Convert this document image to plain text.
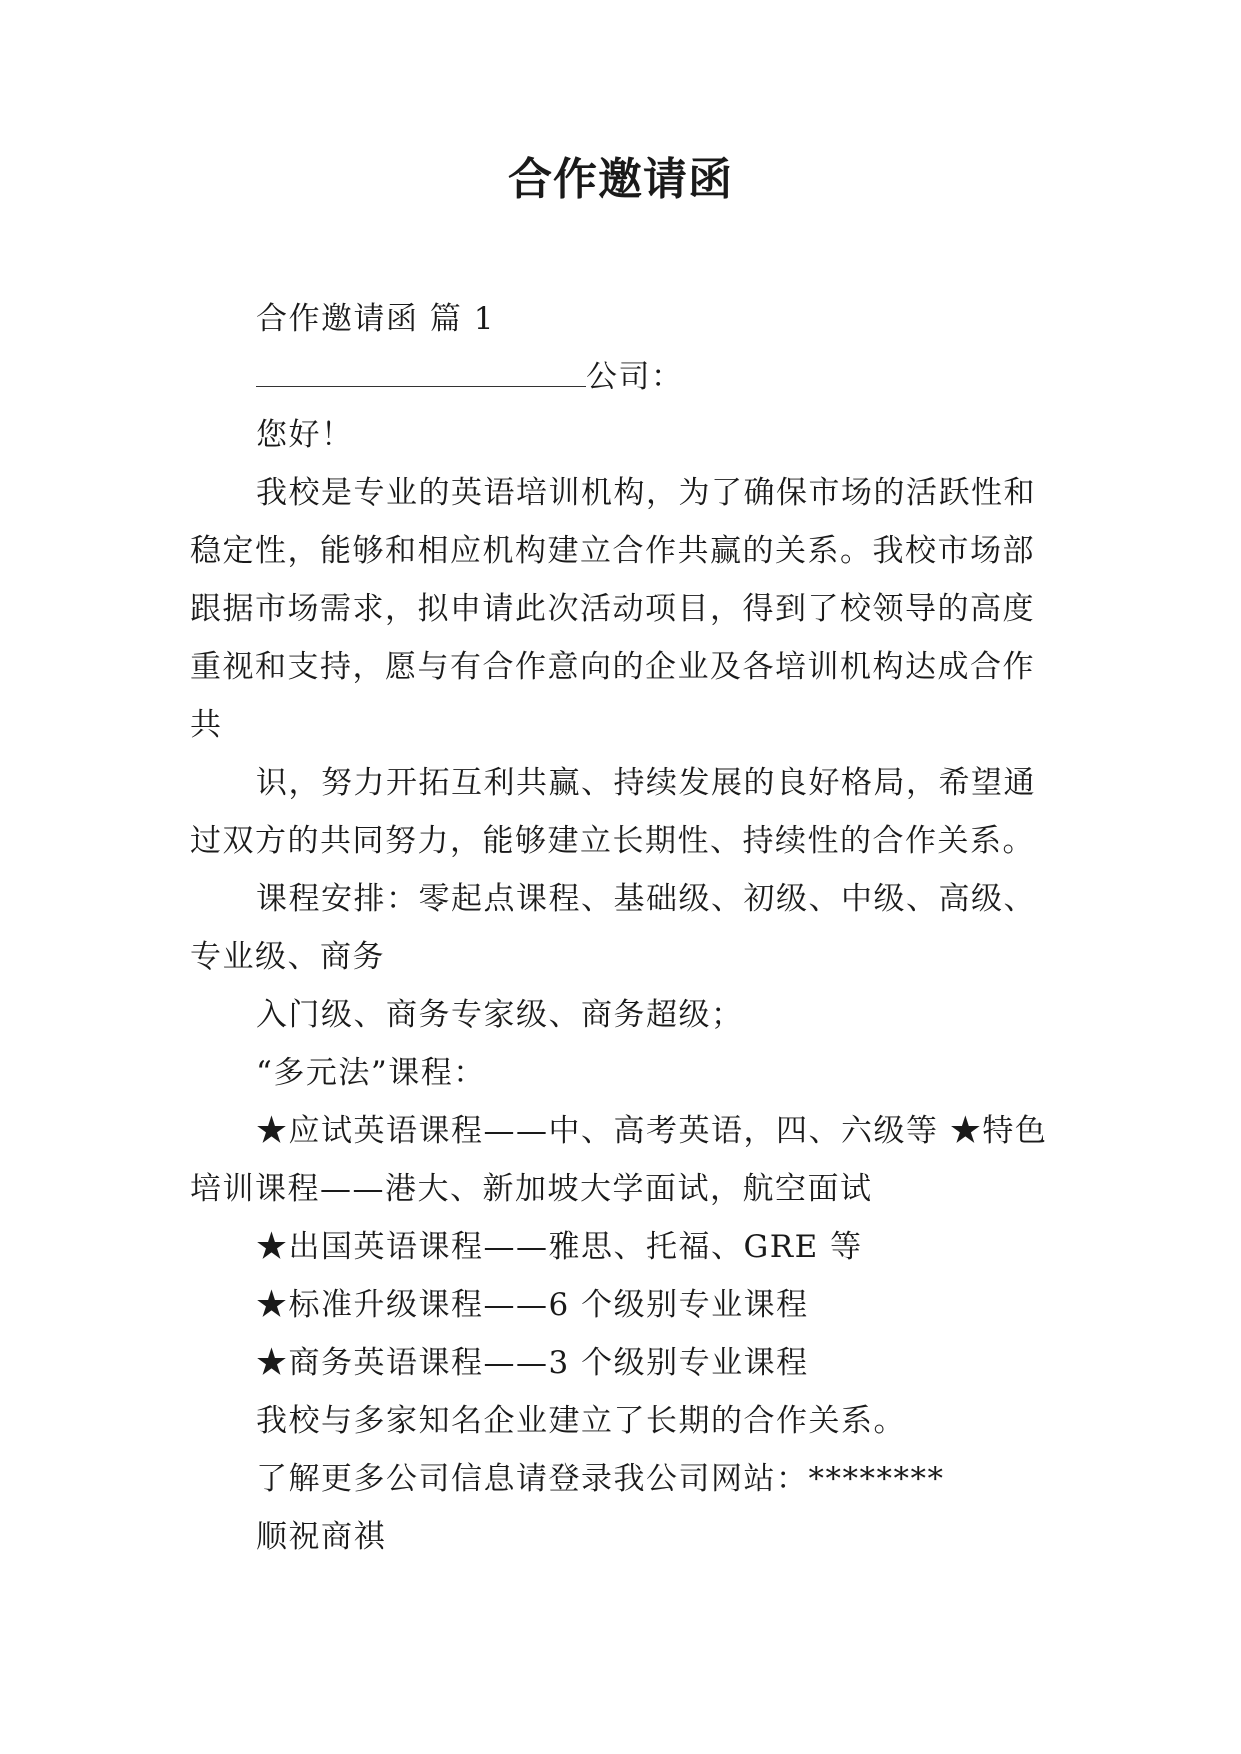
合作邀请函

合作邀请函 篇 1

公司：

您好！

我校是专业的英语培训机构，为了确保市场的活跃性和

稳定性，能够和相应机构建立合作共赢的关系。我校市场部

跟据市场需求，拟申请此次活动项目，得到了校领导的高度

重视和支持，愿与有合作意向的企业及各培训机构达成合作

共

识，努力开拓互利共赢、持续发展的良好格局，希望通

过双方的共同努力，能够建立长期性、持续性的合作关系。

课程安排：零起点课程、基础级、初级、中级、高级、

专业级、商务

入门级、商务专家级、商务超级；

“多元法”课程：

★应试英语课程——中、高考英语，四、六级等 ★特色

培训课程——港大、新加坡大学面试，航空面试

★出国英语课程——雅思、托福、GRE 等

★标准升级课程——6 个级别专业课程

★商务英语课程——3 个级别专业课程

我校与多家知名企业建立了长期的合作关系。

了解更多公司信息请登录我公司网站：********

顺祝商祺
